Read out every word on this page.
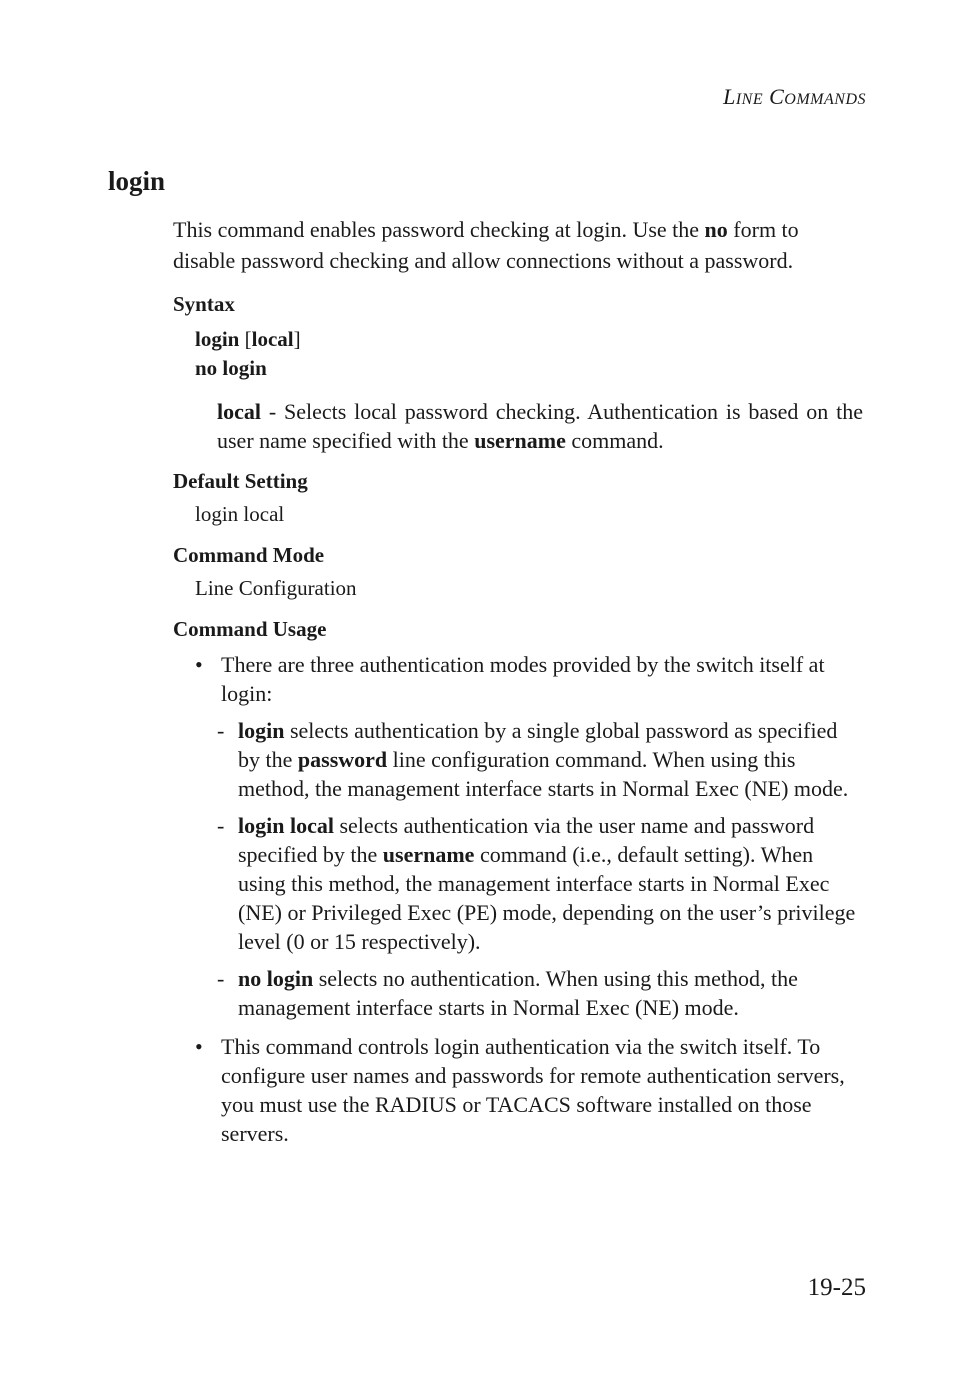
LINE COMMANDS
login

This command enables password checking at login. Use the no form to disable password checking and allow connections without a password.

Syntax
login [local]
no login
local - Selects local password checking. Authentication is based on the user name specified with the username command.
Default Setting
login local
Command Mode
Line Configuration
Command Usage
• There are three authentication modes provided by the switch itself at login:
- login selects authentication by a single global password as specified by the password line configuration command. When using this method, the management interface starts in Normal Exec (NE) mode.
- login local selects authentication via the user name and password specified by the username command (i.e., default setting). When using this method, the management interface starts in Normal Exec (NE) or Privileged Exec (PE) mode, depending on the user’s privilege level (0 or 15 respectively).
- no login selects no authentication. When using this method, the management interface starts in Normal Exec (NE) mode.
• This command controls login authentication via the switch itself. To configure user names and passwords for remote authentication servers, you must use the RADIUS or TACACS software installed on those servers.
19-25
